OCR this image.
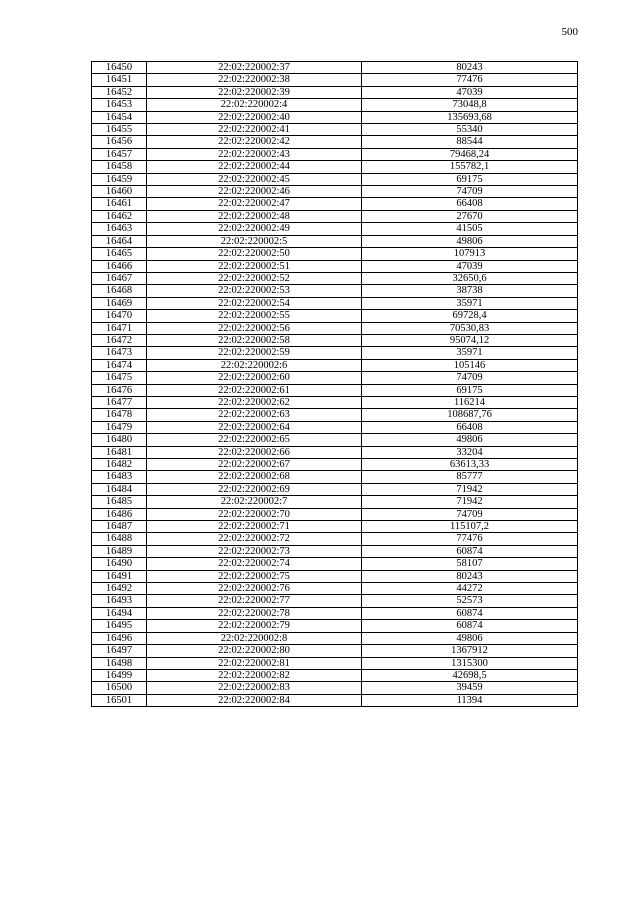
500
16450	22:02:220002:37	80243
16451	22:02:220002:38	77476
16452	22:02:220002:39	47039
16453	22:02:220002:4	73048,8
16454	22:02:220002:40	135693,68
16455	22:02:220002:41	55340
16456	22:02:220002:42	88544
16457	22:02:220002:43	79468,24
16458	22:02:220002:44	155782,1
16459	22:02:220002:45	69175
16460	22:02:220002:46	74709
16461	22:02:220002:47	66408
16462	22:02:220002:48	27670
16463	22:02:220002:49	41505
16464	22:02:220002:5	49806
16465	22:02:220002:50	107913
16466	22:02:220002:51	47039
16467	22:02:220002:52	32650,6
16468	22:02:220002:53	38738
16469	22:02:220002:54	35971
16470	22:02:220002:55	69728,4
16471	22:02:220002:56	70530,83
16472	22:02:220002:58	95074,12
16473	22:02:220002:59	35971
16474	22:02:220002:6	105146
16475	22:02:220002:60	74709
16476	22:02:220002:61	69175
16477	22:02:220002:62	116214
16478	22:02:220002:63	108687,76
16479	22:02:220002:64	66408
16480	22:02:220002:65	49806
16481	22:02:220002:66	33204
16482	22:02:220002:67	63613,33
16483	22:02:220002:68	85777
16484	22:02:220002:69	71942
16485	22:02:220002:7	71942
16486	22:02:220002:70	74709
16487	22:02:220002:71	115107,2
16488	22:02:220002:72	77476
16489	22:02:220002:73	60874
16490	22:02:220002:74	58107
16491	22:02:220002:75	80243
16492	22:02:220002:76	44272
16493	22:02:220002:77	52573
16494	22:02:220002:78	60874
16495	22:02:220002:79	60874
16496	22:02:220002:8	49806
16497	22:02:220002:80	1367912
16498	22:02:220002:81	1315300
16499	22:02:220002:82	42698,5
16500	22:02:220002:83	39459
16501	22:02:220002:84	11394
